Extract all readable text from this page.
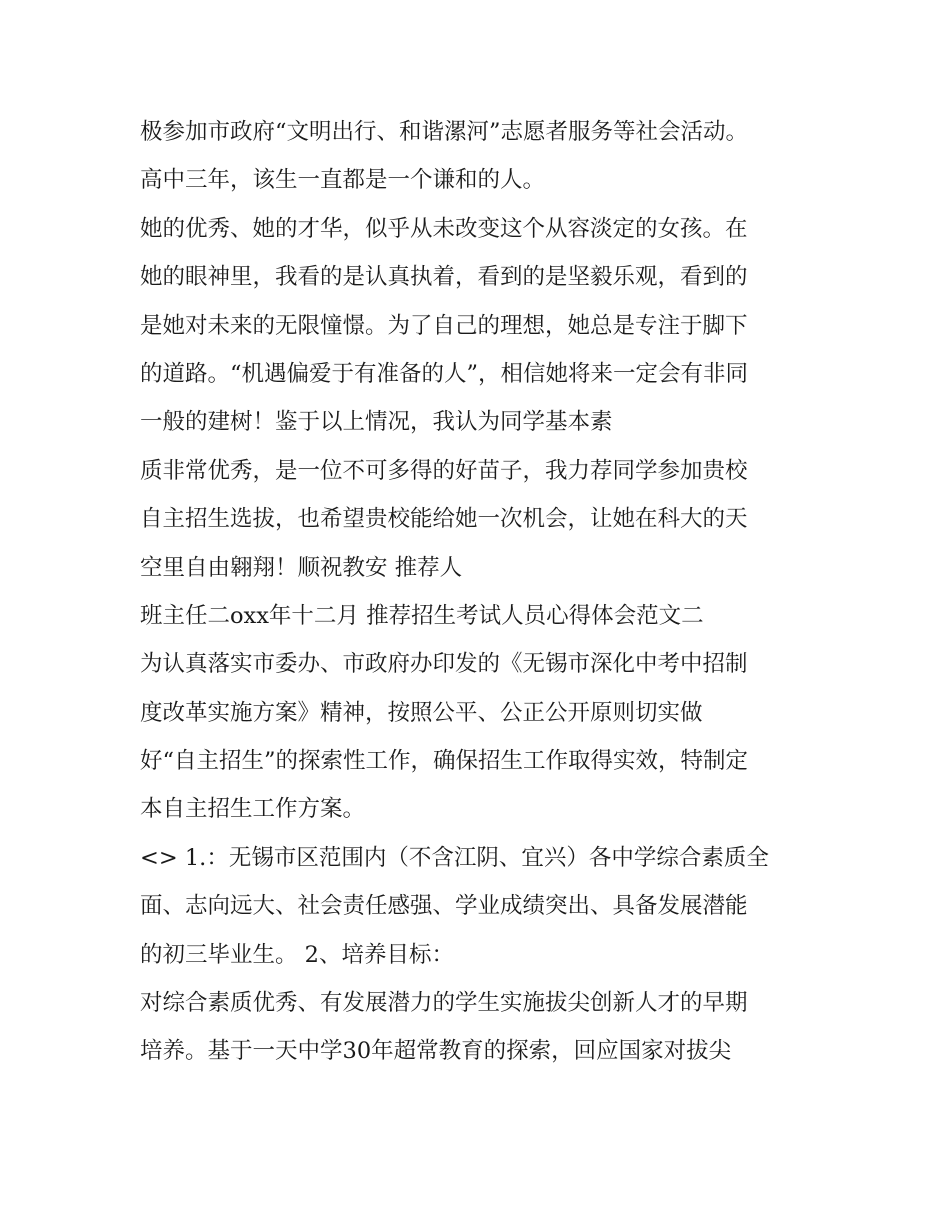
极参加市政府“文明出行、和谐漯河”志愿者服务等社会活动。
高中三年，该生一直都是一个谦和的人。
她的优秀、她的才华，似乎从未改变这个从容淡定的女孩。在
她的眼神里，我看的是认真执着，看到的是坚毅乐观，看到的
是她对未来的无限憧憬。为了自己的理想，她总是专注于脚下
的道路。“机遇偏爱于有准备的人”，相信她将来一定会有非同
一般的建树！鉴于以上情况，我认为同学基本素
质非常优秀，是一位不可多得的好苗子，我力荐同学参加贵校
自主招生选拔，也希望贵校能给她一次机会，让她在科大的天
空里自由翱翔！顺祝教安 推荐人
班主任二oxx年十二月 推荐招生考试人员心得体会范文二
为认真落实市委办、市政府办印发的《无锡市深化中考中招制
度改革实施方案》精神，按照公平、公正公开原则切实做
好“自主招生”的探索性工作，确保招生工作取得实效，特制定
本自主招生工作方案。
<> 1.：无锡市区范围内（不含江阴、宜兴）各中学综合素质全
面、志向远大、社会责任感强、学业成绩突出、具备发展潜能
的初三毕业生。 2、培养目标：
对综合素质优秀、有发展潜力的学生实施拔尖创新人才的早期
培养。基于一天中学30年超常教育的探索，回应国家对拔尖
